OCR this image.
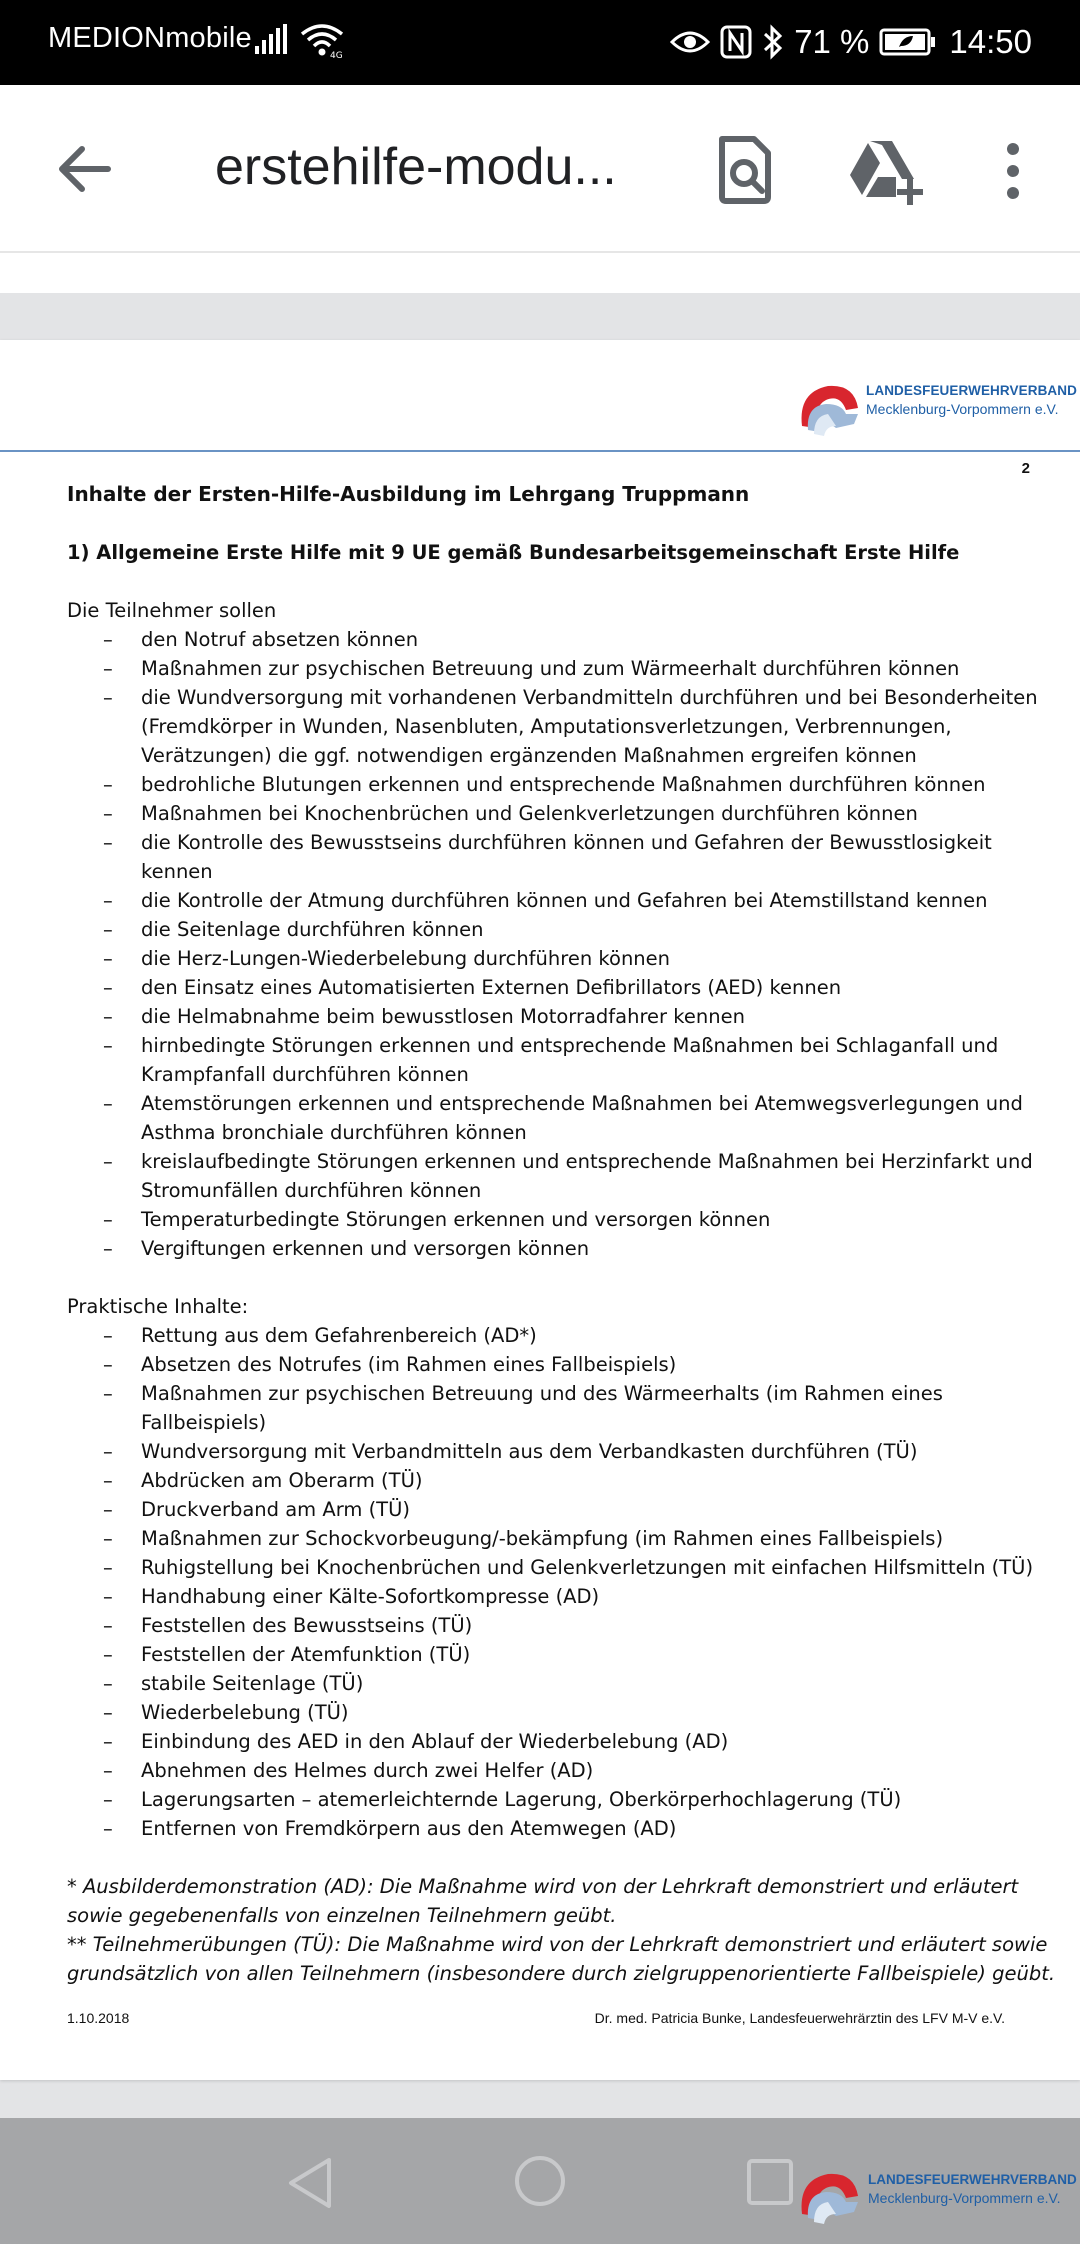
MEDIONmobile
4G	71 % 14:50
erstehilfe-modu...
LANDESFEUERWEHRVERBAND
Mecklenburg-Vorpommern e.V.
2
Inhalte der Ersten-Hilfe-Ausbildung im Lehrgang Truppmann
1) Allgemeine Erste Hilfe mit 9 UE gemäß Bundesarbeitsgemeinschaft Erste Hilfe
Die Teilnehmer sollen
– den Notruf absetzen können
– Maßnahmen zur psychischen Betreuung und zum Wärmeerhalt durchführen können
– die Wundversorgung mit vorhandenen Verbandmitteln durchführen und bei Besonderheiten (Fremdkörper in Wunden, Nasenbluten, Amputationsverletzungen, Verbrennungen, Verätzungen) die ggf. notwendigen ergänzenden Maßnahmen ergreifen können
– bedrohliche Blutungen erkennen und entsprechende Maßnahmen durchführen können
– Maßnahmen bei Knochenbrüchen und Gelenkverletzungen durchführen können
– die Kontrolle des Bewusstseins durchführen können und Gefahren der Bewusstlosigkeit kennen
– die Kontrolle der Atmung durchführen können und Gefahren bei Atemstillstand kennen
– die Seitenlage durchführen können
– die Herz-Lungen-Wiederbelebung durchführen können
– den Einsatz eines Automatisierten Externen Defibrillators (AED) kennen
– die Helmabnahme beim bewusstlosen Motorradfahrer kennen
– hirnbedingte Störungen erkennen und entsprechende Maßnahmen bei Schlaganfall und Krampfanfall durchführen können
– Atemstörungen erkennen und entsprechende Maßnahmen bei Atemwegsverlegungen und Asthma bronchiale durchführen können
– kreislaufbedingte Störungen erkennen und entsprechende Maßnahmen bei Herzinfarkt und Stromunfällen durchführen können
– Temperaturbedingte Störungen erkennen und versorgen können
– Vergiftungen erkennen und versorgen können
Praktische Inhalte:
– Rettung aus dem Gefahrenbereich (AD*)
– Absetzen des Notrufes (im Rahmen eines Fallbeispiels)
– Maßnahmen zur psychischen Betreuung und des Wärmeerhalts (im Rahmen eines Fallbeispiels)
– Wundversorgung mit Verbandmitteln aus dem Verbandkasten durchführen (TÜ)
– Abdrücken am Oberarm (TÜ)
– Druckverband am Arm (TÜ)
– Maßnahmen zur Schockvorbeugung/-bekämpfung (im Rahmen eines Fallbeispiels)
– Ruhigstellung bei Knochenbrüchen und Gelenkverletzungen mit einfachen Hilfsmitteln (TÜ)
– Handhabung einer Kälte-Sofortkompresse (AD)
– Feststellen des Bewusstseins (TÜ)
– Feststellen der Atemfunktion (TÜ)
– stabile Seitenlage (TÜ)
– Wiederbelebung (TÜ)
– Einbindung des AED in den Ablauf der Wiederbelebung (AD)
– Abnehmen des Helmes durch zwei Helfer (AD)
– Lagerungsarten – atemerleichternde Lagerung, Oberkörperhochlagerung (TÜ)
– Entfernen von Fremdkörpern aus den Atemwegen (AD)
* Ausbilderdemonstration (AD): Die Maßnahme wird von der Lehrkraft demonstriert und erläutert sowie gegebenenfalls von einzelnen Teilnehmern geübt.
** Teilnehmerübungen (TÜ): Die Maßnahme wird von der Lehrkraft demonstriert und erläutert sowie grundsätzlich von allen Teilnehmern (insbesondere durch zielgruppenorientierte Fallbeispiele) geübt.
1.10.2018	Dr. med. Patricia Bunke, Landesfeuerwehrärztin des LFV M-V e.V.
LANDESFEUERWEHRVERBAND
Mecklenburg-Vorpommern e.V.
